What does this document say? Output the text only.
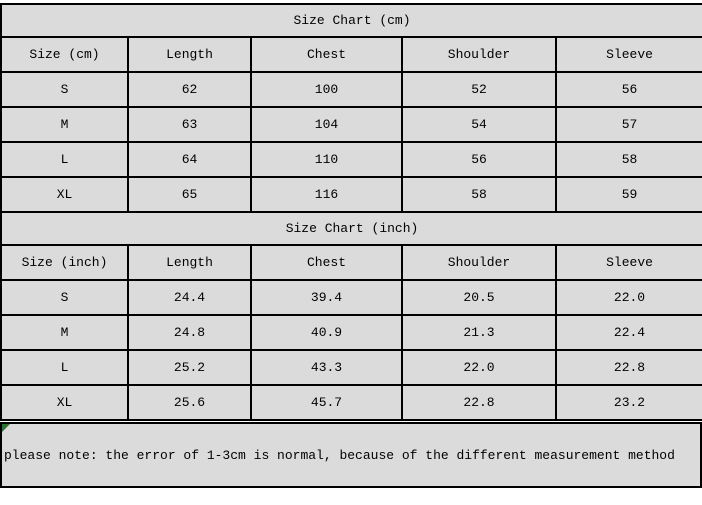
Size Chart (cm)				
Size (cm)	Length	Chest	Shoulder	Sleeve
S	62	100	52	56
M	63	104	54	57
L	64	110	56	58
XL	65	116	58	59
Size Chart (inch)				
Size (inch)	Length	Chest	Shoulder	Sleeve
S	24.4	39.4	20.5	22.0
M	24.8	40.9	21.3	22.4
L	25.2	43.3	22.0	22.8
XL	25.6	45.7	22.8	23.2
please note: the error of 1-3cm is normal, because of the different measurement method
